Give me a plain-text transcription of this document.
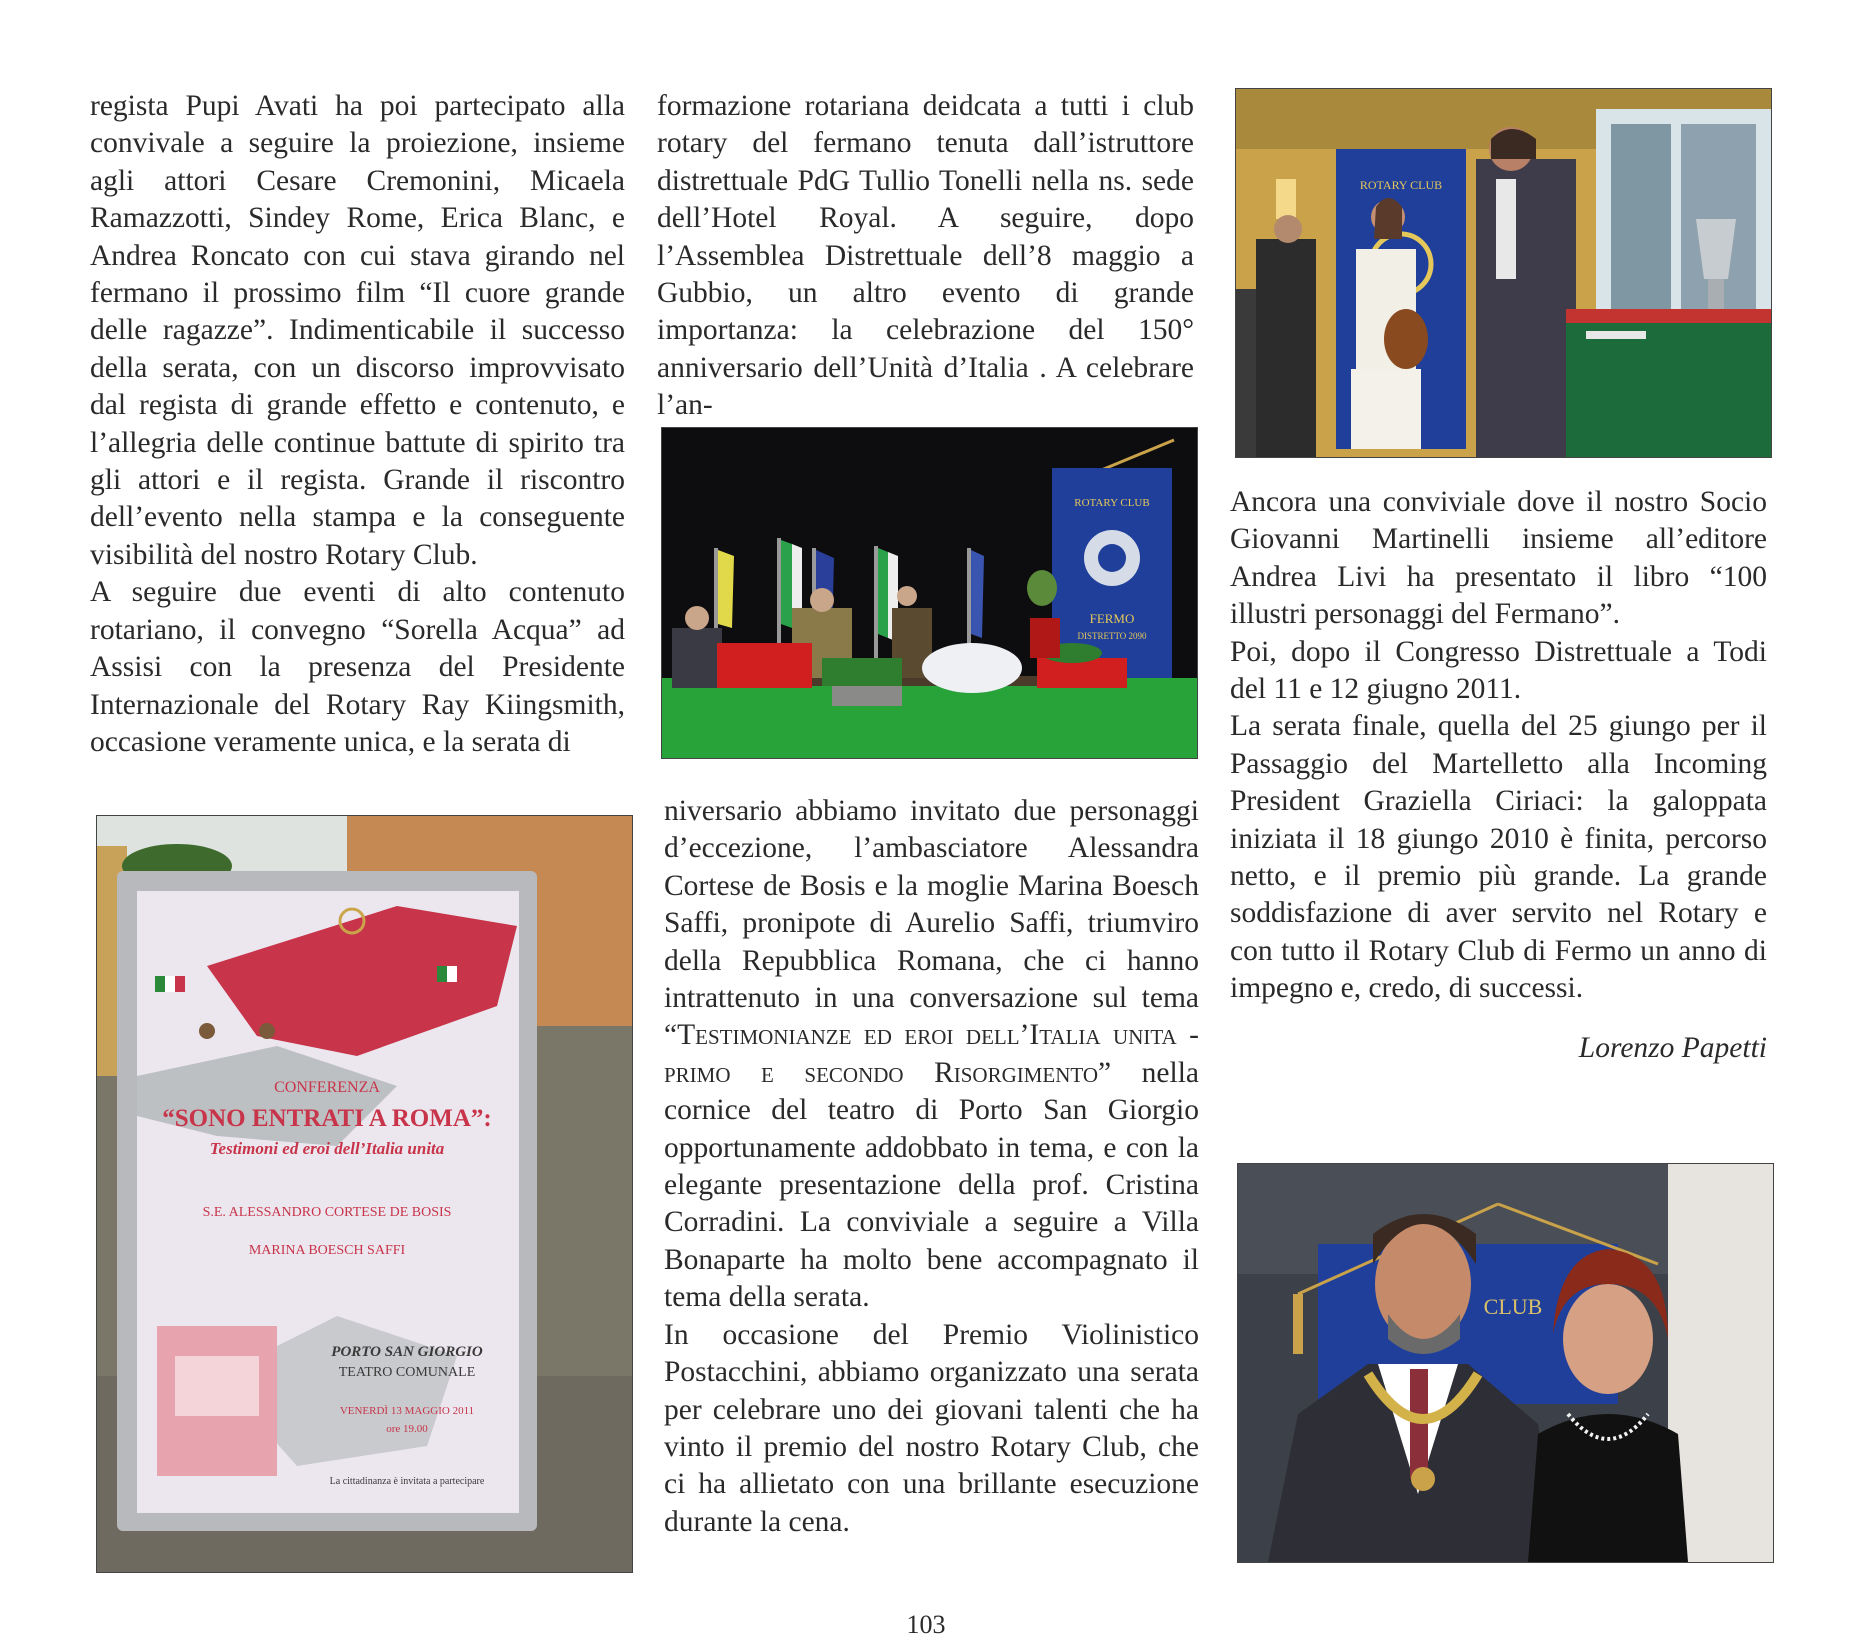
regista Pupi Avati ha poi partecipato alla convivale a seguire la proiezione, insieme agli attori Cesare Cremonini, Micaela Ramazzotti, Sindey Rome, Erica Blanc, e Andrea Roncato con cui stava girando nel fermano il prossimo film “Il cuore grande delle ragazze”. Indimenticabile il successo della serata, con un discorso improvvisato dal regista di grande effetto e contenuto, e l’allegria delle continue battute di spirito tra gli attori e il regista. Grande il riscontro dell’evento nella stampa e la conseguente visibilità del nostro Rotary Club.

A seguire due eventi di alto contenuto rotariano, il convegno “Sorella Acqua” ad Assisi con la presenza del Presidente Internazionale del Rotary Ray Kiingsmith, occasione veramente unica, e la serata di

formazione rotariana deidcata a tutti i club rotary del fermano tenuta dall’istruttore distrettuale PdG Tullio Tonelli nella ns. sede dell’Hotel Royal. A seguire, dopo l’Assemblea Distrettuale dell’8 maggio a Gubbio, un altro evento di grande importanza: la celebrazione del 150° anniversario dell’Unità d’Italia . A celebrare l’an-

niversario abbiamo invitato due personaggi d’eccezione, l’ambasciatore Alessandra Cortese de Bosis e la moglie Marina Boesch Saffi, pronipote di Aurelio Saffi, triumviro della Repubblica Romana, che ci hanno intrattenuto in una conversazione sul tema “Testimonianze ed eroi dell’Italia unita - primo e secondo Risorgimento” nella cornice del teatro di Porto San Giorgio opportunamente addobbato in tema, e con la elegante presentazione della prof. Cristina Corradini. La conviviale a seguire a Villa Bonaparte ha molto bene accompagnato il tema della serata.

In occasione del Premio Violinistico Postacchini, abbiamo organizzato una serata per celebrare uno dei giovani talenti che ha vinto il premio del nostro Rotary Club, che ci ha allietato con una brillante esecuzione durante la cena.

Ancora una conviviale dove il nostro Socio Giovanni Martinelli insieme all’editore Andrea Livi ha presentato il libro “100 illustri personaggi del Fermano”.

Poi, dopo il Congresso Distrettuale a Todi del 11 e 12 giugno 2011.

La serata finale, quella del 25 giungo per il Passaggio del Martelletto alla Incoming President Graziella Ciriaci: la galoppata iniziata il 18 giungo 2010 è finita, percorso netto, e il premio più grande. La grande soddisfazione di aver servito nel Rotary e con tutto il Rotary Club di Fermo un anno di impegno e, credo, di successi.

Lorenzo Papetti

ROTARY CLUB
ROTARY CLUB
FERMO
DISTRETTO 2090
CONFERENZA
“SONO ENTRATI A ROMA”:
Testimoni ed eroi dell’Italia unita
S.E. ALESSANDRO CORTESE DE BOSIS
MARINA BOESCH SAFFI
PORTO SAN GIORGIO
TEATRO COMUNALE
VENERDÌ 13 MAGGIO 2011
ore 19.00
La cittadinanza è invitata a partecipare
CLUB
103
